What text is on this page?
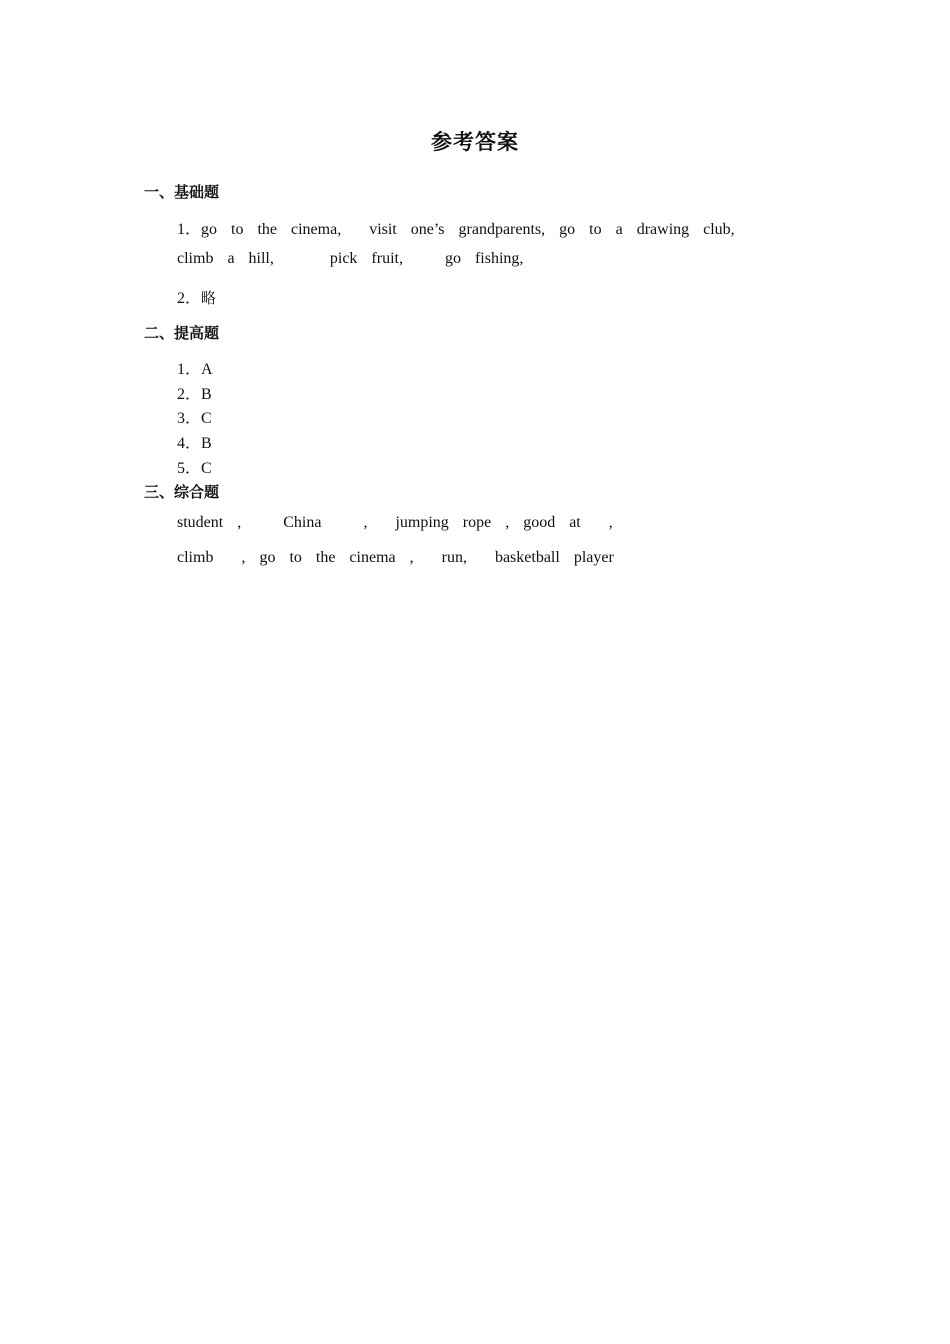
参考答案
一、基础题
1．go  to  the  cinema,    visit  one’s  grandparents,  go  to  a  drawing  club,
climb  a  hill,        pick  fruit,      go  fishing,
2．略
二、提高题
1．A
2．B
3．C
4．B
5．C
三、综合题
student  ,      China      ,    jumping  rope  ,  good  at    ,
climb    ,  go  to  the  cinema  ,    run,    basketball  player
